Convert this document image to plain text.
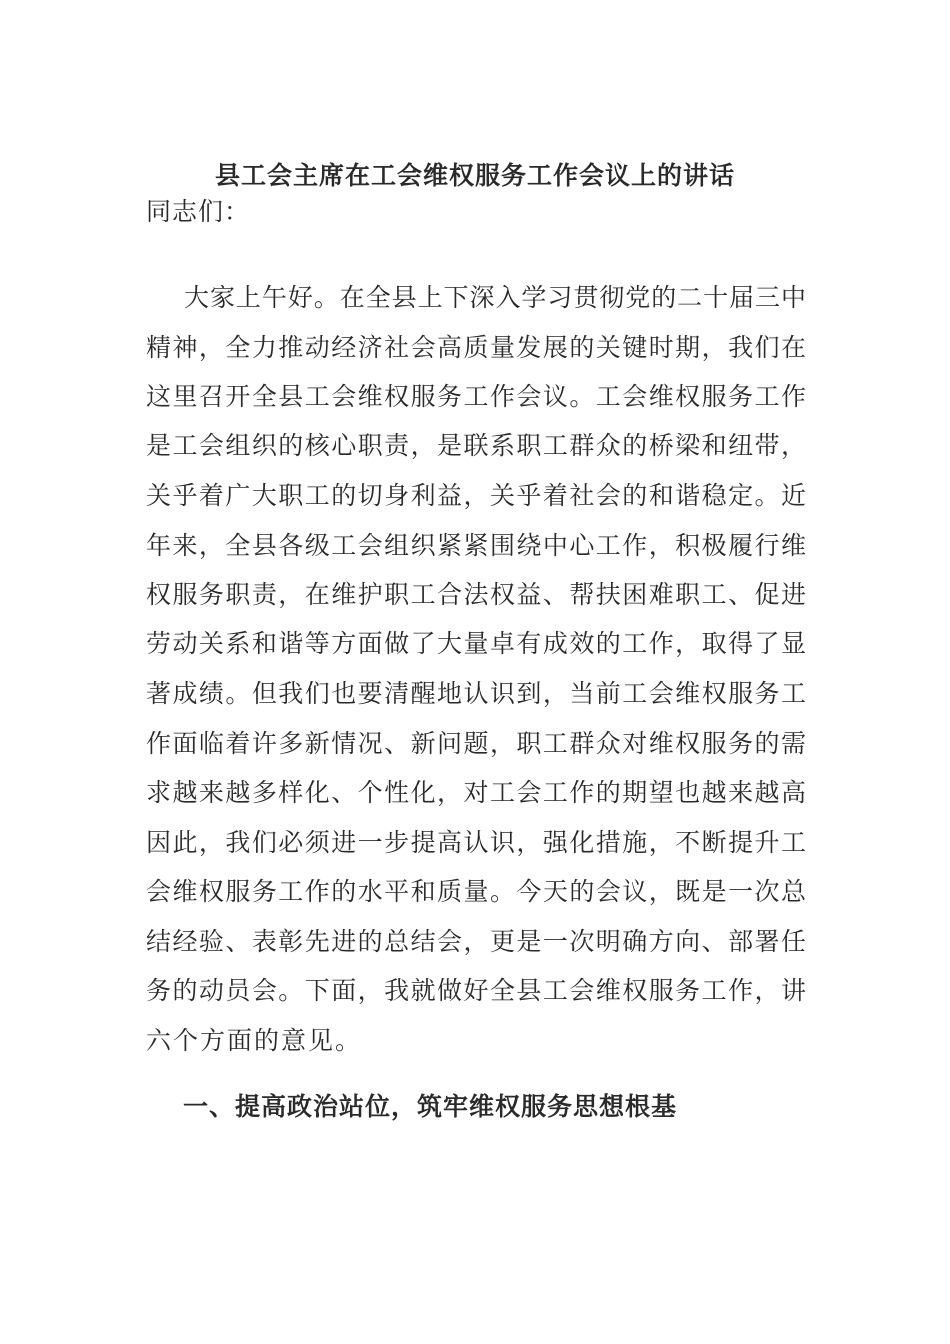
县工会主席在工会维权服务工作会议上的讲话

同志们：

大家上午好。在全县上下深入学习贯彻党的二十届三中

精神，全力推动经济社会高质量发展的关键时期，我们在

这里召开全县工会维权服务工作会议。工会维权服务工作

是工会组织的核心职责，是联系职工群众的桥梁和纽带，

关乎着广大职工的切身利益，关乎着社会的和谐稳定。近

年来，全县各级工会组织紧紧围绕中心工作，积极履行维

权服务职责，在维护职工合法权益、帮扶困难职工、促进

劳动关系和谐等方面做了大量卓有成效的工作，取得了显

著成绩。但我们也要清醒地认识到，当前工会维权服务工

作面临着许多新情况、新问题，职工群众对维权服务的需

求越来越多样化、个性化，对工会工作的期望也越来越高

因此，我们必须进一步提高认识，强化措施，不断提升工

会维权服务工作的水平和质量。今天的会议，既是一次总

结经验、表彰先进的总结会，更是一次明确方向、部署任

务的动员会。下面，我就做好全县工会维权服务工作，讲

六个方面的意见。

一、提高政治站位，筑牢维权服务思想根基
